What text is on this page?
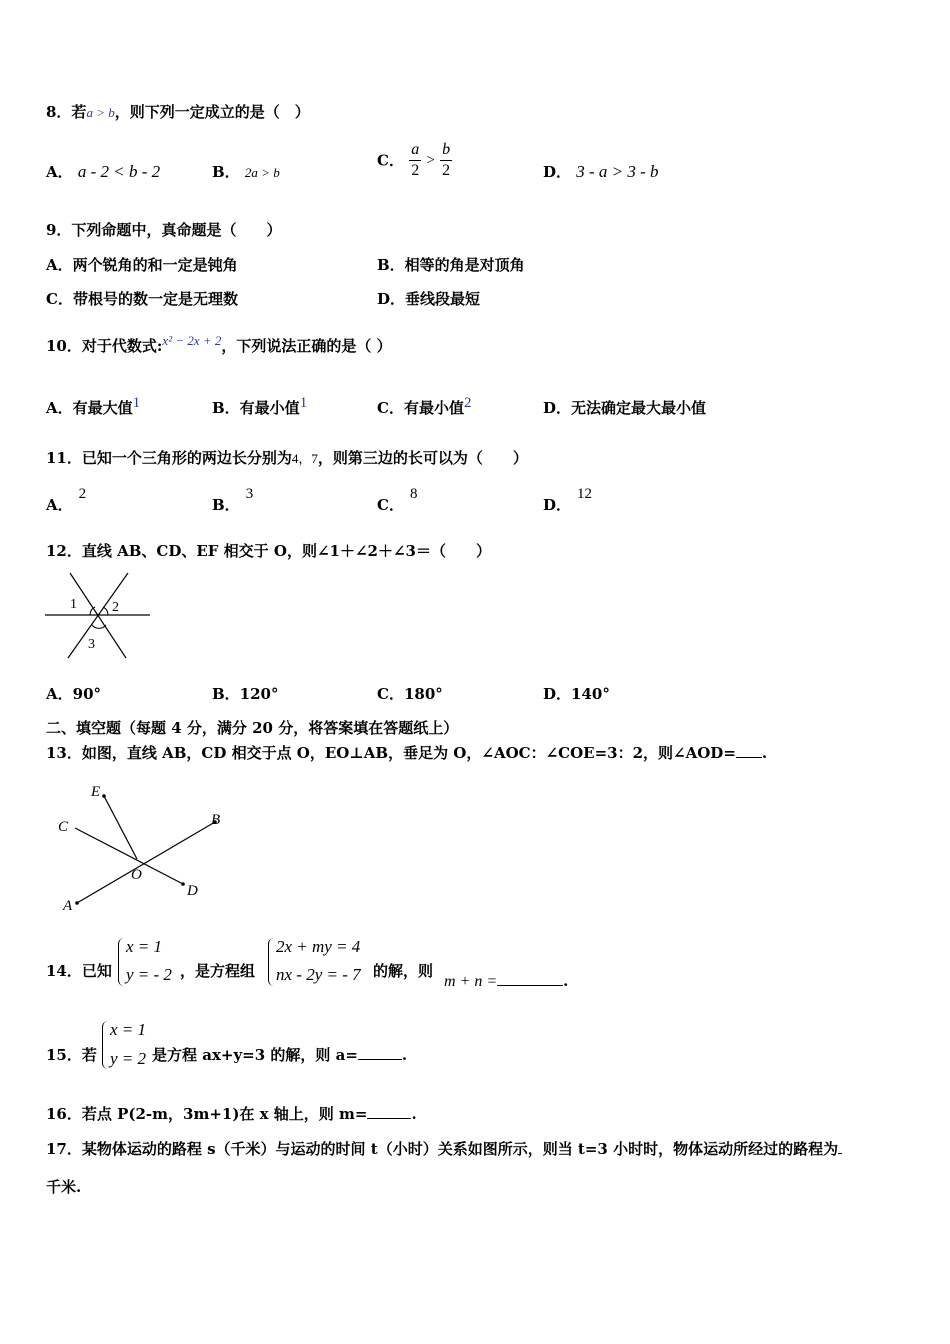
8．若a > b，则下列一定成立的是（　）
A． a - 2 < b - 2	B． 2a > b
C． $\frac{a}{2} > \frac{b}{2}$	D． 3 - a > 3 - b
9．下列命题中，真命题是（　　）
A．两个锐角的和一定是钝角	B．相等的角是对顶角
C．带根号的数一定是无理数	D．垂线段最短
10．对于代数式:x² − 2x + 2，下列说法正确的是（ ）
A．有最大值1	B．有最小值1	C．有最小值2	D．无法确定最大最小值
11．已知一个三角形的两边长分别为4，7，则第三边的长可以为（　　）
A．2
B．3
C．8
D．12
12．直线 AB、CD、EF 相交于 O，则∠1＋∠2＋∠3＝（　　）
1	2
3
A．90°	B．120°	C．180°	D．140°
二、填空题（每题 4 分，满分 20 分，将答案填在答题纸上）
13．如图，直线 AB，CD 相交于点 O，EO⊥AB，垂足为 O，∠AOC：∠COE=3：2，则∠AOD= .
E
C	B
O
A
D
14．已知
x = 1
y = - 2 ，是方程组
2x + my = 4
nx - 2y = - 7 的解，则
m + n =	.
15．若
x = 1
y = 2 是方程 ax+y=3 的解，则 a=	.
16．若点 P(2-m，3m+1)在 x 轴上，则 m=	.
17．某物体运动的路程 s（千米）与运动的时间 t（小时）关系如图所示，则当 t=3 小时时，物体运动所经过的路程为
千米.
